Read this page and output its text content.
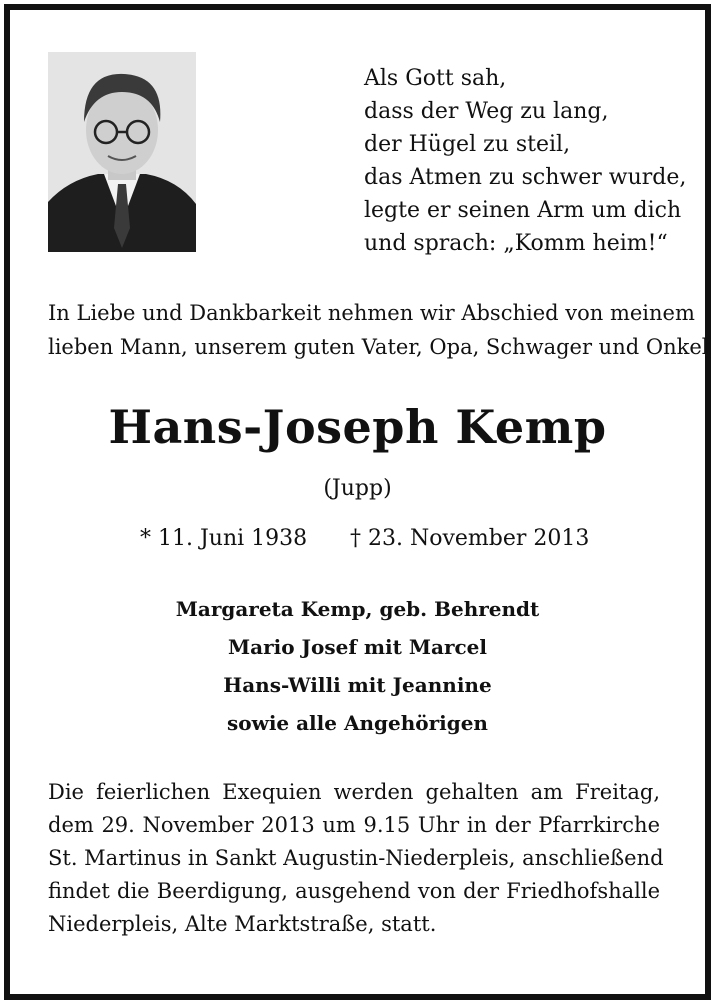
Als Gott sah,
dass der Weg zu lang,
der Hügel zu steil,
das Atmen zu schwer wurde,
legte er seinen Arm um dich
und sprach: „Komm heim!“
In Liebe und Dankbarkeit nehmen wir Abschied von meinem
lieben Mann, unserem guten Vater, Opa, Schwager und Onkel
Hans-Joseph Kemp
(Jupp)
* 11. Juni 1938 † 23. November 2013
Margareta Kemp, geb. Behrendt
Mario Josef mit Marcel
Hans-Willi mit Jeannine
sowie alle Angehörigen
Die feierlichen Exequien werden gehalten am Freitag,
dem 29. November 2013 um 9.15 Uhr in der Pfarrkirche
St. Martinus in Sankt Augustin-Niederpleis, anschließend
findet die Beerdigung, ausgehend von der Friedhofshalle
Niederpleis, Alte Marktstraße, statt.
